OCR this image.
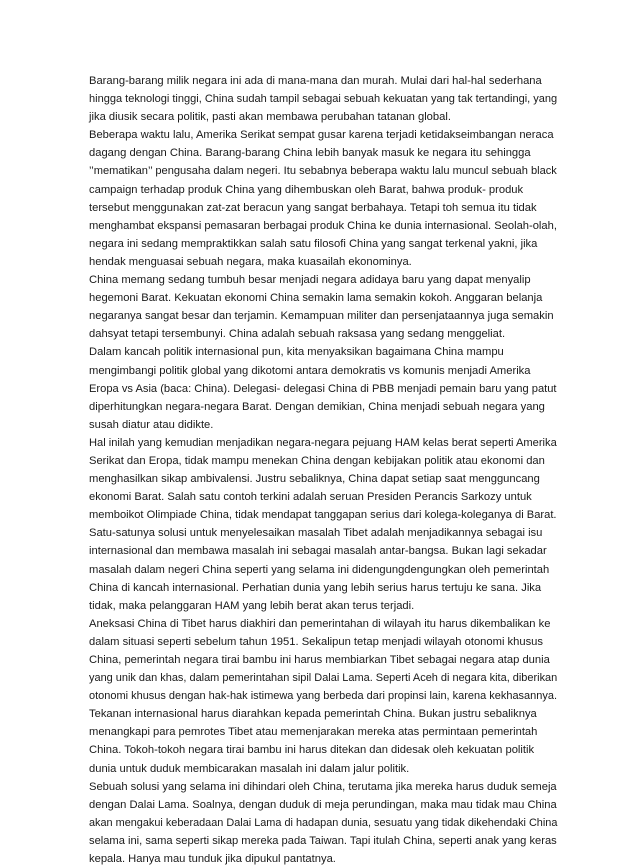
Barang-barang milik negara ini ada di mana-mana dan murah. Mulai dari hal-hal sederhana
hingga teknologi tinggi, China sudah tampil sebagai sebuah kekuatan yang tak tertandingi, yang
jika diusik secara politik, pasti akan membawa perubahan tatanan global.
Beberapa waktu lalu, Amerika Serikat sempat gusar karena terjadi ketidakseimbangan neraca
dagang dengan China. Barang-barang China lebih banyak masuk ke negara itu sehingga
’’mematikan’’ pengusaha dalam negeri. Itu sebabnya beberapa waktu lalu muncul sebuah black
campaign terhadap produk China yang dihembuskan oleh Barat, bahwa produk- produk
tersebut menggunakan zat-zat beracun yang sangat berbahaya. Tetapi toh semua itu tidak
menghambat ekspansi pemasaran berbagai produk China ke dunia internasional. Seolah-olah,
negara ini sedang mempraktikkan salah satu filosofi China yang sangat terkenal yakni, jika
hendak menguasai sebuah negara, maka kuasailah ekonominya.
China memang sedang tumbuh besar menjadi negara adidaya baru yang dapat menyalip
hegemoni Barat. Kekuatan ekonomi China semakin lama semakin kokoh. Anggaran belanja
negaranya sangat besar dan terjamin. Kemampuan militer dan persenjataannya juga semakin
dahsyat tetapi tersembunyi. China adalah sebuah raksasa yang sedang menggeliat.
Dalam kancah politik internasional pun, kita menyaksikan bagaimana China mampu
mengimbangi politik global yang dikotomi antara demokratis vs komunis menjadi Amerika
Eropa vs Asia (baca: China). Delegasi- delegasi China di PBB menjadi pemain baru yang patut
diperhitungkan negara-negara Barat. Dengan demikian, China menjadi sebuah negara yang
susah diatur atau didikte.
Hal inilah yang kemudian menjadikan negara-negara pejuang HAM kelas berat seperti Amerika
Serikat dan Eropa, tidak mampu menekan China dengan kebijakan politik atau ekonomi dan
menghasilkan sikap ambivalensi. Justru sebaliknya, China dapat setiap saat mengguncang
ekonomi Barat. Salah satu contoh terkini adalah seruan Presiden Perancis Sarkozy untuk
memboikot Olimpiade China, tidak mendapat tanggapan serius dari kolega-koleganya di Barat.
Satu-satunya solusi untuk menyelesaikan masalah Tibet adalah menjadikannya sebagai isu
internasional dan membawa masalah ini sebagai masalah antar-bangsa. Bukan lagi sekadar
masalah dalam negeri China seperti yang selama ini didengungdengungkan oleh pemerintah
China di kancah internasional. Perhatian dunia yang lebih serius harus tertuju ke sana. Jika
tidak, maka pelanggaran HAM yang lebih berat akan terus terjadi.
Aneksasi China di Tibet harus diakhiri dan pemerintahan di wilayah itu harus dikembalikan ke
dalam situasi seperti sebelum tahun 1951. Sekalipun tetap menjadi wilayah otonomi khusus
China, pemerintah negara tirai bambu ini harus membiarkan Tibet sebagai negara atap dunia
yang unik dan khas, dalam pemerintahan sipil Dalai Lama. Seperti Aceh di negara kita, diberikan
otonomi khusus dengan hak-hak istimewa yang berbeda dari propinsi lain, karena kekhasannya.
Tekanan internasional harus diarahkan kepada pemerintah China. Bukan justru sebaliknya
menangkapi para pemrotes Tibet atau memenjarakan mereka atas permintaan pemerintah
China. Tokoh-tokoh negara tirai bambu ini harus ditekan dan didesak oleh kekuatan politik
dunia untuk duduk membicarakan masalah ini dalam jalur politik.
Sebuah solusi yang selama ini dihindari oleh China, terutama jika mereka harus duduk semeja
dengan Dalai Lama. Soalnya, dengan duduk di meja perundingan, maka mau tidak mau China
akan mengakui keberadaan Dalai Lama di hadapan dunia, sesuatu yang tidak dikehendaki China
selama ini, sama seperti sikap mereka pada Taiwan. Tapi itulah China, seperti anak yang keras
kepala. Hanya mau tunduk jika dipukul pantatnya.
